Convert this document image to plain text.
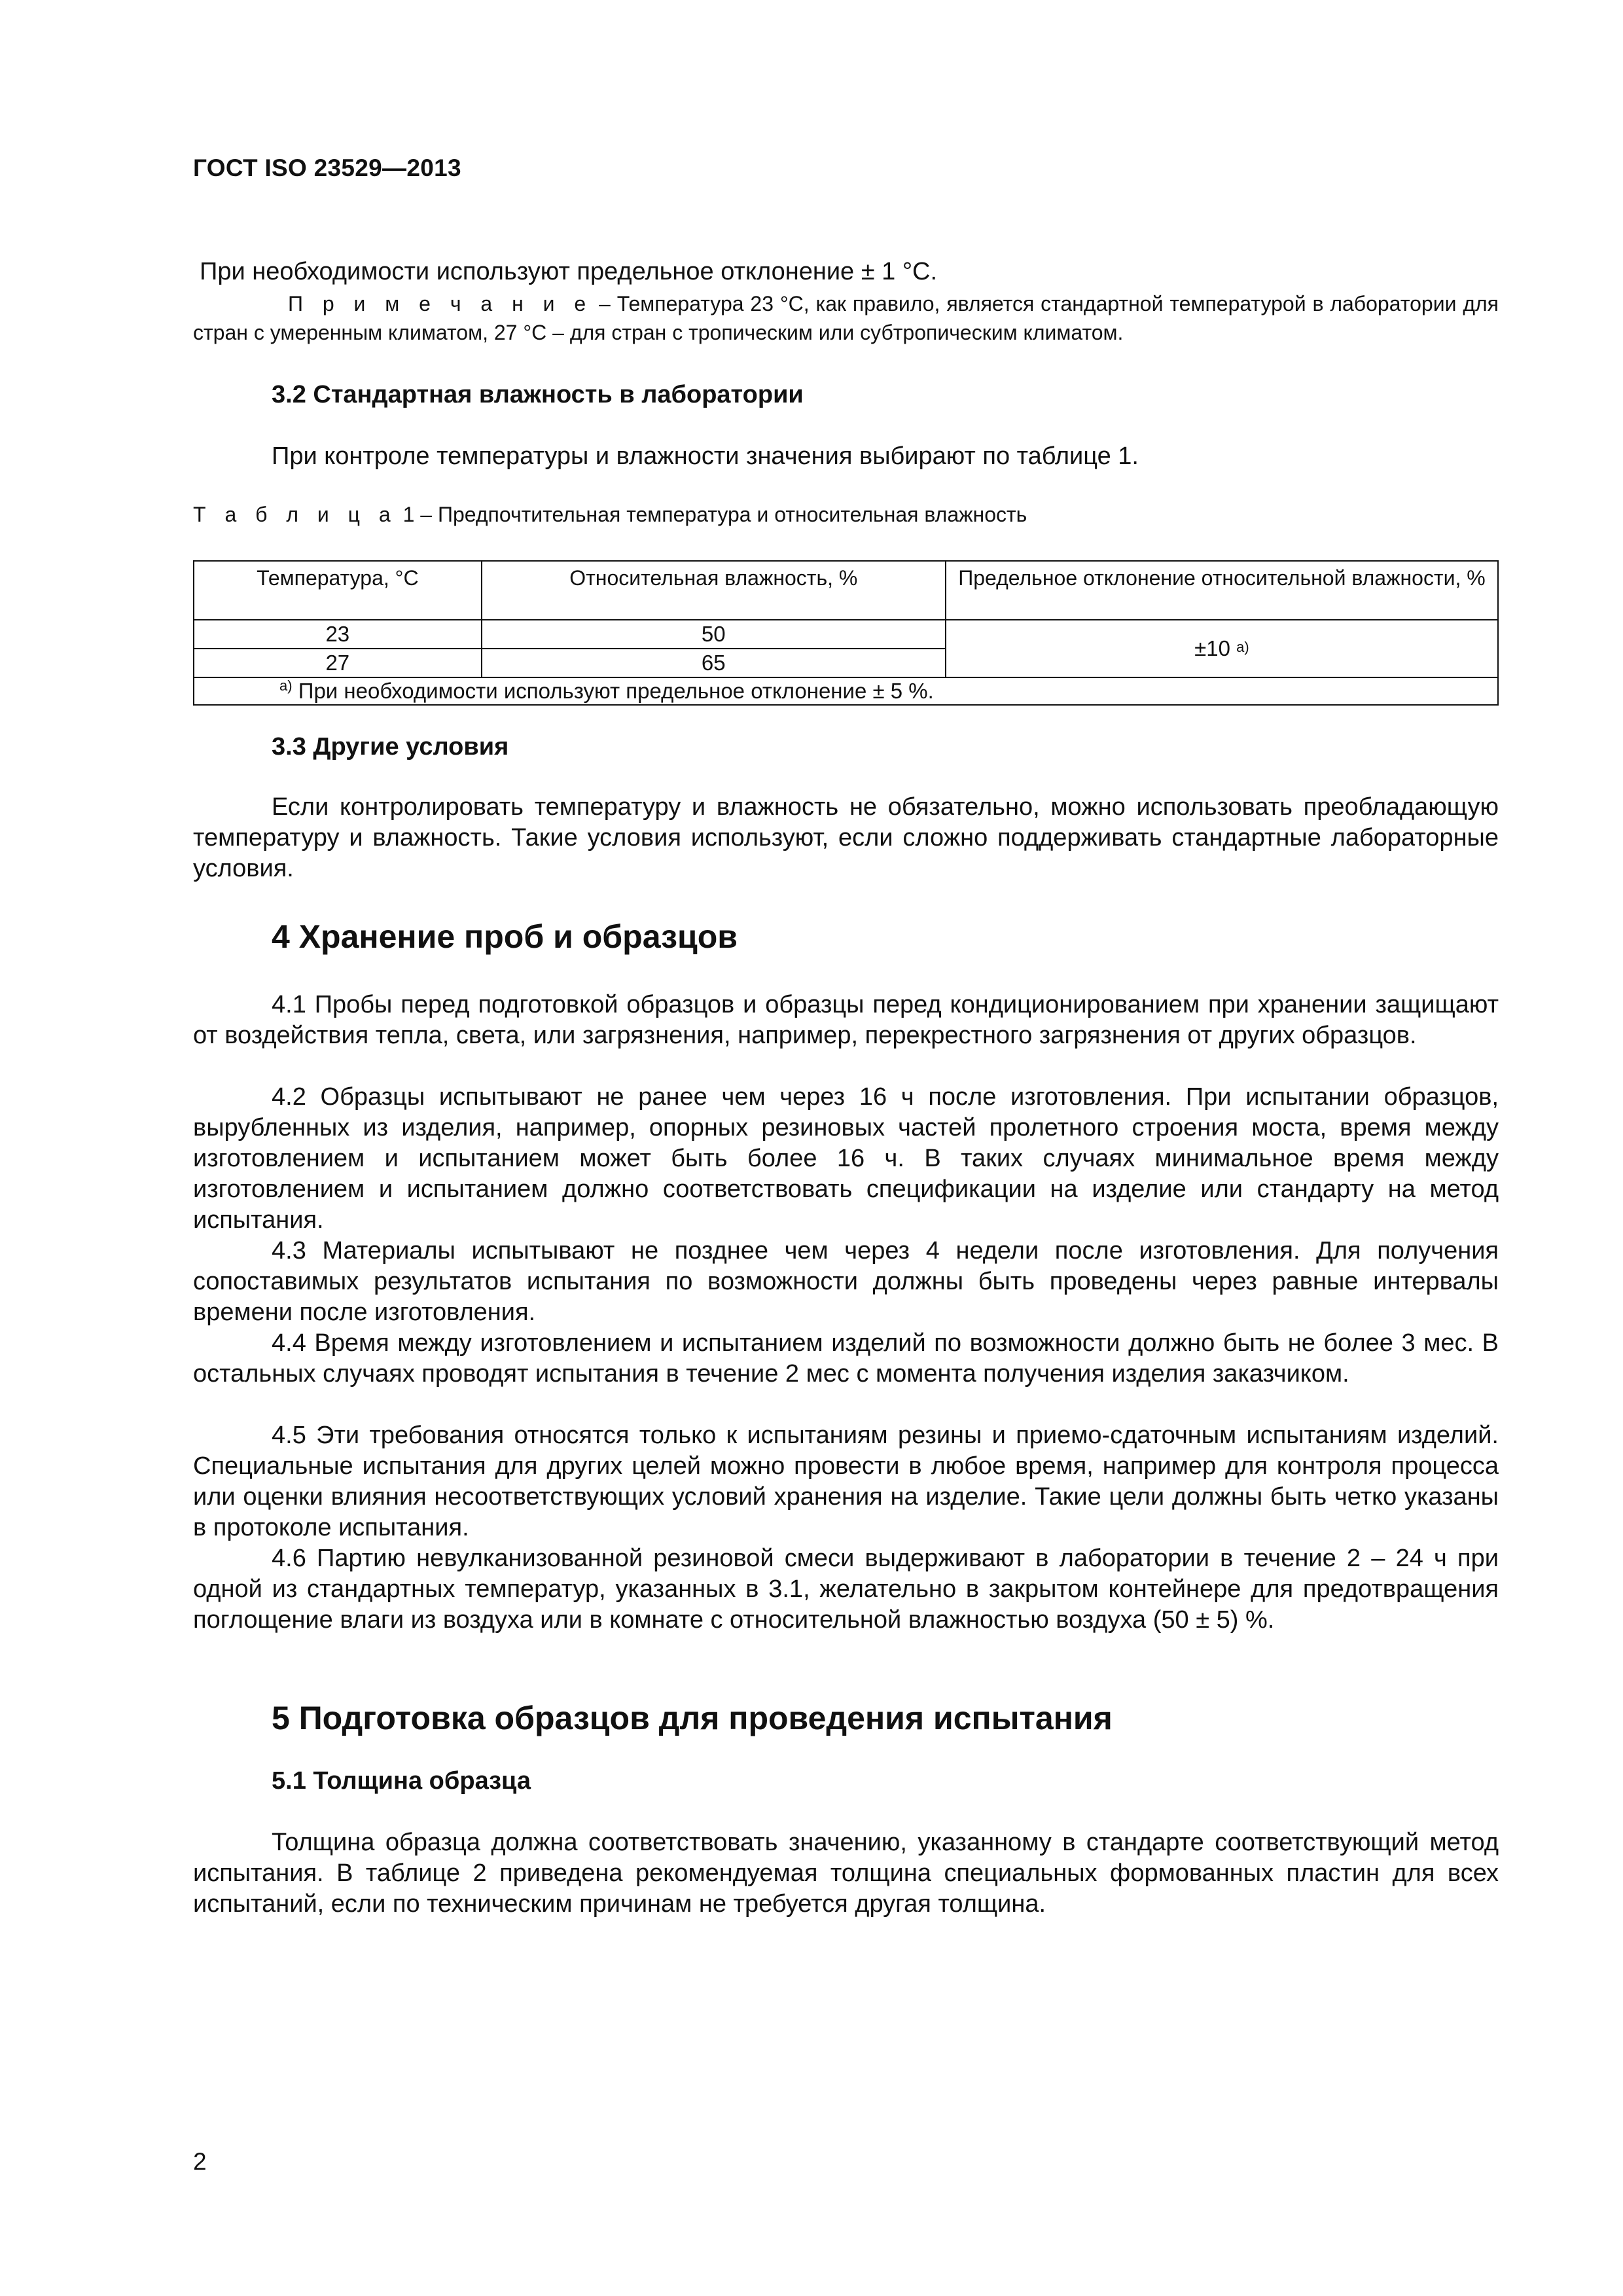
ГОСТ ISO 23529—2013
При необходимости используют предельное отклонение ± 1 °С.
П р и м е ч а н и е – Температура 23 °С, как правило, является стандартной температурой в лаборатории для стран с умеренным климатом, 27 °С – для стран с тропическим или субтропическим климатом.
3.2 Стандартная влажность в лаборатории
При контроле температуры и влажности значения выбирают по таблице 1.
Т а б л и ц а 1 – Предпочтительная температура и относительная влажность
Температура, °С	Относительная влажность, %	Предельное отклонение относительной влажности, %
23	50	±10 $^{а)}$
27	65	
$^{а)}$ При необходимости используют предельное отклонение ± 5 %.		
3.3 Другие условия
Если контролировать температуру и влажность не обязательно, можно использовать преобладающую температуру и влажность. Такие условия используют, если сложно поддерживать стандартные лабораторные условия.
4 Хранение проб и образцов
4.1 Пробы перед подготовкой образцов и образцы перед кондиционированием при хранении защищают от воздействия тепла, света, или загрязнения, например, перекрестного загрязнения от других образцов.
4.2 Образцы испытывают не ранее чем через 16 ч после изготовления. При испытании образцов, вырубленных из изделия, например, опорных резиновых частей пролетного строения моста, время между изготовлением и испытанием может быть более 16 ч. В таких случаях минимальное время между изготовлением и испытанием должно соответствовать спецификации на изделие или стандарту на метод испытания.
4.3 Материалы испытывают не позднее чем через 4 недели после изготовления. Для получения сопоставимых результатов испытания по возможности должны быть проведены через равные интервалы времени после изготовления.
4.4 Время между изготовлением и испытанием изделий по возможности должно быть не более 3 мес. В остальных случаях проводят испытания в течение 2 мес с момента получения изделия заказчиком.
4.5 Эти требования относятся только к испытаниям резины и приемо-сдаточным испытаниям изделий. Специальные испытания для других целей можно провести в любое время, например для контроля процесса или оценки влияния несоответствующих условий хранения на изделие. Такие цели должны быть четко указаны в протоколе испытания.
4.6 Партию невулканизованной резиновой смеси выдерживают в лаборатории в течение 2 – 24 ч при одной из стандартных температур, указанных в 3.1, желательно в закрытом контейнере для предотвращения поглощение влаги из воздуха или в комнате с относительной влажностью воздуха (50 ± 5) %.
5 Подготовка образцов для проведения испытания
5.1 Толщина образца
Толщина образца должна соответствовать значению, указанному в стандарте соответствующий метод испытания. В таблице 2 приведена рекомендуемая толщина специальных формованных пластин для всех испытаний, если по техническим причинам не требуется другая толщина.
2
